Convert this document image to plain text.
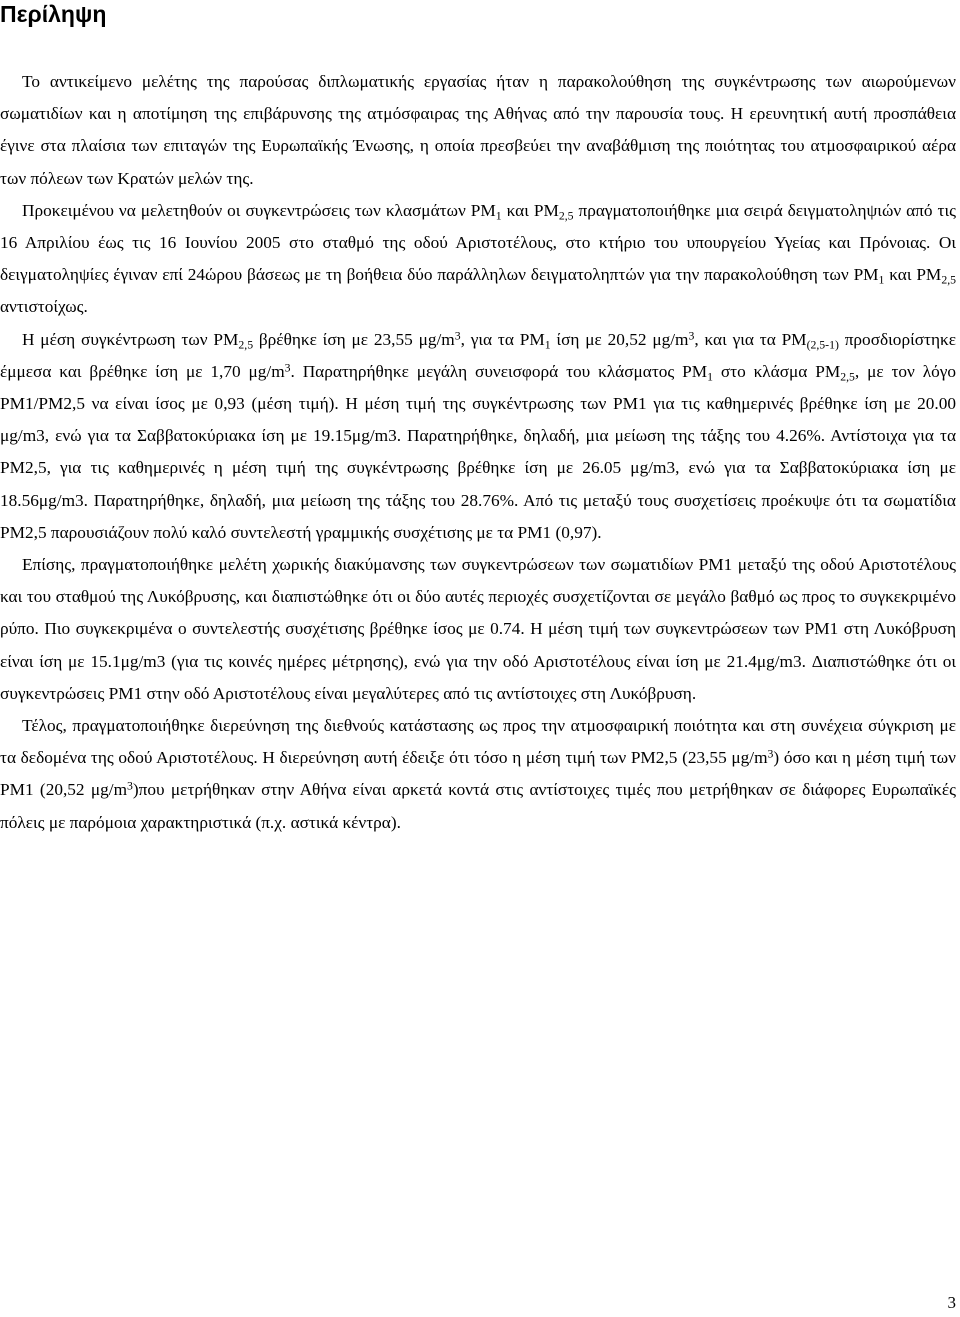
Περίληψη

Το αντικείμενο μελέτης της παρούσας διπλωματικής εργασίας ήταν η παρακολούθηση της συγκέντρωσης των αιωρούμενων σωματιδίων και η αποτίμηση της επιβάρυνσης της ατμόσφαιρας της Αθήνας από την παρουσία τους. Η ερευνητική αυτή προσπάθεια έγινε στα πλαίσια των επιταγών της Ευρωπαϊκής Ένωσης, η οποία πρεσβεύει την αναβάθμιση της ποιότητας του ατμοσφαιρικού αέρα των πόλεων των Κρατών μελών της.

Προκειμένου να μελετηθούν οι συγκεντρώσεις των κλασμάτων $PM_1$ και $PM_{2,5}$ πραγματοποιήθηκε μια σειρά δειγματοληψιών από τις 16 Απριλίου έως τις 16 Ιουνίου 2005 στο σταθμό της οδού Αριστοτέλους, στο κτήριο του υπουργείου Υγείας και Πρόνοιας. Οι δειγματοληψίες έγιναν επί 24ώρου βάσεως με τη βοήθεια δύο παράλληλων δειγματοληπτών για την παρακολούθηση των $PM_1$ και $PM_{2,5}$ αντιστοίχως.

Η μέση συγκέντρωση των $PM_{2,5}$ βρέθηκε ίση με 23,55 $\mu g/m^3$, για τα $PM_1$ ίση με 20,52 $\mu g/m^3$, και για τα $PM_{(2,5-1)}$ προσδιορίστηκε έμμεσα και βρέθηκε ίση με 1,70 $\mu g/m^3$. Παρατηρήθηκε μεγάλη συνεισφορά του κλάσματος $PM_1$ στο κλάσμα $PM_{2,5}$, με τον λόγο PM1/PM2,5 να είναι ίσος με 0,93 (μέση τιμή). Η μέση τιμή της συγκέντρωσης των PM1 για τις καθημερινές βρέθηκε ίση με 20.00 μg/m3, ενώ για τα Σαββατοκύριακα ίση με 19.15μg/m3. Παρατηρήθηκε, δηλαδή, μια μείωση της τάξης του 4.26%. Αντίστοιχα για τα PM2,5, για τις καθημερινές η μέση τιμή της συγκέντρωσης βρέθηκε ίση με 26.05 μg/m3, ενώ για τα Σαββατοκύριακα ίση με 18.56μg/m3. Παρατηρήθηκε, δηλαδή, μια μείωση της τάξης του 28.76%. Από τις μεταξύ τους συσχετίσεις προέκυψε ότι τα σωματίδια PM2,5 παρουσιάζουν πολύ καλό συντελεστή γραμμικής συσχέτισης με τα PM1 (0,97).

Επίσης, πραγματοποιήθηκε μελέτη χωρικής διακύμανσης των συγκεντρώσεων των σωματιδίων PM1 μεταξύ της οδού Αριστοτέλους και του σταθμού της Λυκόβρυσης, και διαπιστώθηκε ότι οι δύο αυτές περιοχές συσχετίζονται σε μεγάλο βαθμό ως προς το συγκεκριμένο ρύπο. Πιο συγκεκριμένα ο συντελεστής συσχέτισης βρέθηκε ίσος με 0.74. Η μέση τιμή των συγκεντρώσεων των PM1 στη Λυκόβρυση είναι ίση με 15.1μg/m3 (για τις κοινές ημέρες μέτρησης), ενώ για την οδό Αριστοτέλους είναι ίση με 21.4μg/m3. Διαπιστώθηκε ότι οι συγκεντρώσεις PM1 στην οδό Αριστοτέλους είναι μεγαλύτερες από τις αντίστοιχες στη Λυκόβρυση.

Τέλος, πραγματοποιήθηκε διερεύνηση της διεθνούς κατάστασης ως προς την ατμοσφαιρική ποιότητα και στη συνέχεια σύγκριση με τα δεδομένα της οδού Αριστοτέλους. Η διερεύνηση αυτή έδειξε ότι τόσο η μέση τιμή των PM2,5 (23,55 $\mu g/m^3$) όσο και η μέση τιμή των PM1 (20,52 $\mu g/m^3)\pi o\upsilon$ μετρήθηκαν στην Αθήνα είναι αρκετά κοντά στις αντίστοιχες τιμές που μετρήθηκαν σε διάφορες Ευρωπαϊκές πόλεις με παρόμοια χαρακτηριστικά (π.χ. αστικά κέντρα).

3
